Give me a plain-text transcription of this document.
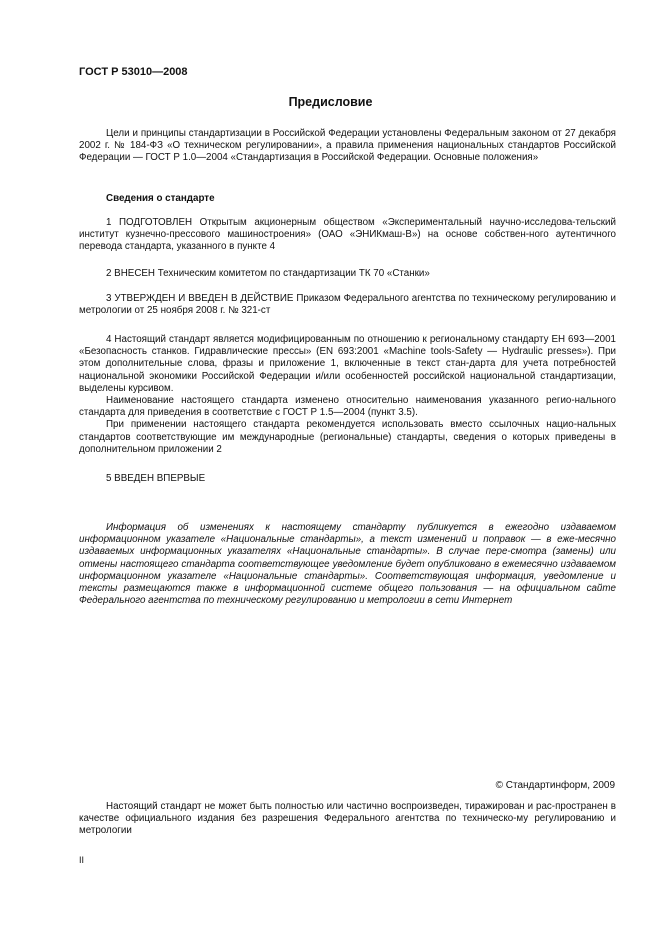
ГОСТ Р 53010—2008
Предисловие

Цели и принципы стандартизации в Российской Федерации установлены Федеральным законом от 27 декабря 2002 г. № 184-ФЗ «О техническом регулировании», а правила применения национальных стандартов Российской Федерации — ГОСТ Р 1.0—2004 «Стандартизация в Российской Федерации. Основные положения»

Сведения о стандарте

1 ПОДГОТОВЛЕН Открытым акционерным обществом «Экспериментальный научно-исследова-тельский институт кузнечно-прессового машиностроения» (ОАО «ЭНИКмаш-В») на основе собствен-ного аутентичного перевода стандарта, указанного в пункте 4

2 ВНЕСЕН Техническим комитетом по стандартизации ТК 70 «Станки»

3 УТВЕРЖДЕН И ВВЕДЕН В ДЕЙСТВИЕ Приказом Федерального агентства по техническому регулированию и метрологии от 25 ноября 2008 г. № 321-ст

4 Настоящий стандарт является модифицированным по отношению к региональному стандарту ЕН 693—2001 «Безопасность станков. Гидравлические прессы» (EN 693:2001 «Machine tools-Safety — Hydraulic presses»). При этом дополнительные слова, фразы и приложение 1, включенные в текст стан-дарта для учета потребностей национальной экономики Российской Федерации и/или особенностей российской национальной стандартизации, выделены курсивом.

Наименование настоящего стандарта изменено относительно наименования указанного регио-нального стандарта для приведения в соответствие с ГОСТ Р 1.5—2004 (пункт 3.5).

При применении настоящего стандарта рекомендуется использовать вместо ссылочных нацио-нальных стандартов соответствующие им международные (региональные) стандарты, сведения о которых приведены в дополнительном приложении 2

5 ВВЕДЕН ВПЕРВЫЕ

Информация об изменениях к настоящему стандарту публикуется в ежегодно издаваемом информационном указателе «Национальные стандарты», а текст изменений и поправок — в еже-месячно издаваемых информационных указателях «Национальные стандарты». В случае пере-смотра (замены) или отмены настоящего стандарта соответствующее уведомление будет опубликовано в ежемесячно издаваемом информационном указателе «Национальные стандарты». Соответствующая информация, уведомление и тексты размещаются также в информационной системе общего пользования — на официальном сайте Федерального агентства по техническому регулированию и метрологии в сети Интернет

© Стандартинформ, 2009

Настоящий стандарт не может быть полностью или частично воспроизведен, тиражирован и рас-пространен в качестве официального издания без разрешения Федерального агентства по техническо-му регулированию и метрологии

II
